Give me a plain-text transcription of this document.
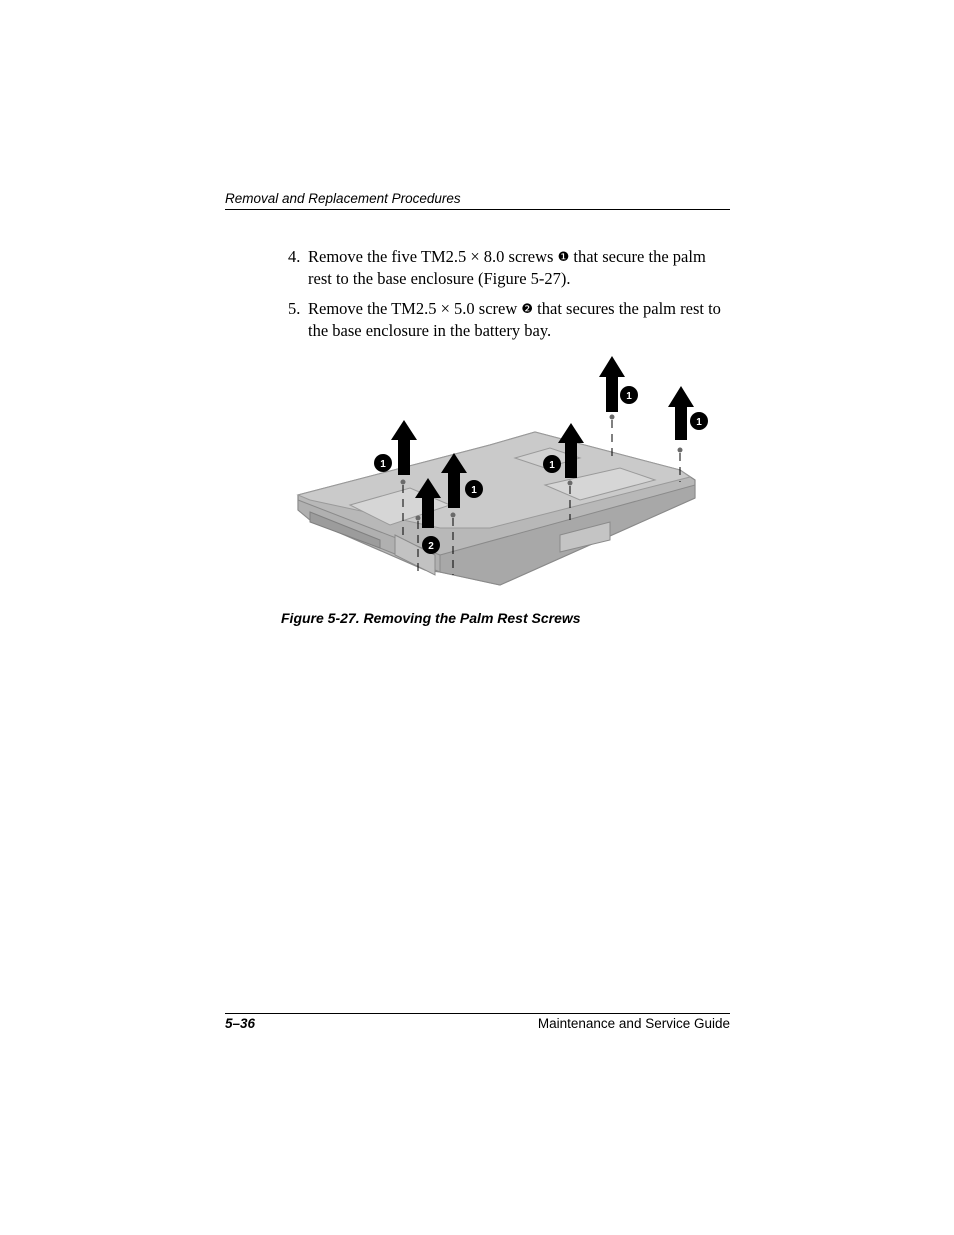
Removal and Replacement Procedures
4. Remove the five TM2.5 × 8.0 screws ❶ that secure the palm rest to the base enclosure (Figure 5-27).
5. Remove the TM2.5 × 5.0 screw ❷ that secures the palm rest to the base enclosure in the battery bay.
1
1
1
1
1
2
Figure 5-27. Removing the Palm Rest Screws
5–36	Maintenance and Service Guide
